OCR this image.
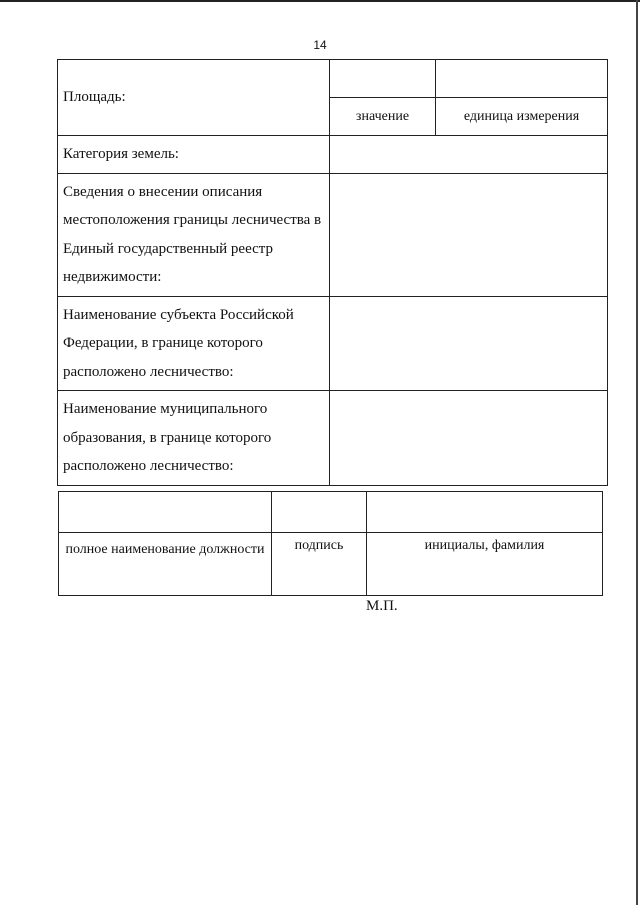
14
Площадь:		
	значение	единица измерения
Категория земель:		
Сведения о внесении описания местоположения границы лесничества в Единый государственный реестр недвижимости:		
Наименование субъекта Российской Федерации, в границе которого расположено лесничество:		
Наименование муниципального образования, в границе которого расположено лесничество:		

полное наименование должности	подпись	инициалы, фамилия
М.П.
